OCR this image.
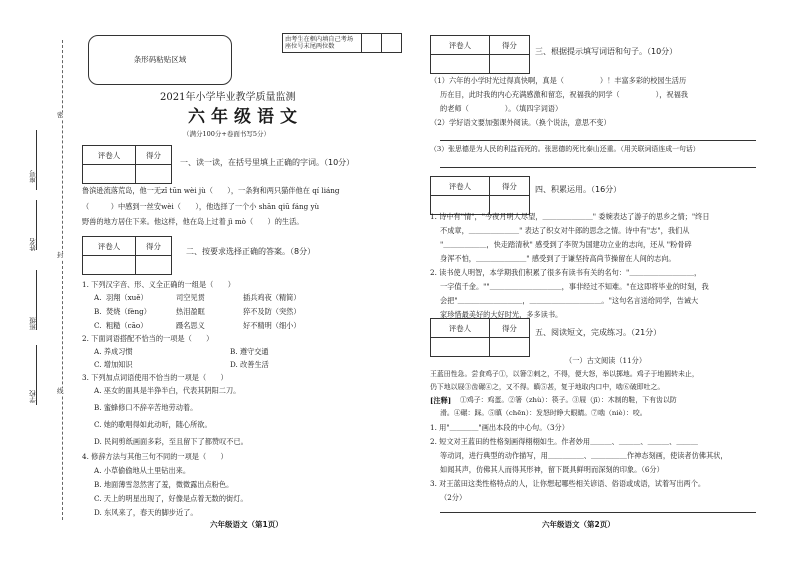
座号
姓名
班级
学校
密
封
线
条形码粘贴区域
2021年小学毕业教学质量监测
六年级语文
（满分100分+卷面书写5分）
评卷人	得分

一、读一读，在括号里填上正确的字词。（10分）
鲁滨逊流落荒岛，他一无zǐ tūn wèi jù（　　），一条狗和两只猫伴他在 qí liáng
（　　　）中感到一丝安wèi（　　），他选择了一个小 shān qiū fáng yù
野兽的地方居住下来。他这样，他在岛上过着 jì mò（　　）的生活。
评卷人	得分

二、按要求选择正确的答案。（8分）
1. 下列汉字音、形、义全正确的一组是（　　）
A. 羽翔（xuě）	司空见贯	插兵鸡夜（精简）
B. 焚烧（fèng）	热泪盈眶	猝不及防（突然）
C. 粗糙（cāo）	蹑名思义	好不精明（细小）
2. 下面词语搭配不恰当的一项是（　　）
A. 养成习惯	B. 遵守交通
C. 增加知识	D. 改善生活
3. 下列加点词语使用不恰当的一项是（　　）
A. 巫女的面具是半狰半白，代表其阴阳二刀。
B. 蜜蜂修口不辞辛苦地劳动着。
C. 她的歌唱得如此动听，随心所欲。
D. 民间剪纸画面多彩，至且留下了都赞叹不已。
4. 修辞方法与其他三句不同的一项是（　　）
A. 小草偷偷地从土里钻出来。
B. 地面薄雪忽然害了羞，微微露出点粉色。
C. 天上的明星出现了，好像是点着无数的街灯。
D. 东风来了，春天的脚步近了。
六年级语文（第1页）
由考生在框内填自己考场座位号末尾两位数			评卷人	得分

三、根据提示填写词语和句子。（10分）
（1）六年的小学时光过得真快啊，真是（　　　　　）！丰富多彩的校园生活历
历在目，此时我的内心充满感激和留恋，祝福我的同学（　　　　　），祝福我
的老师（　　　　　）。（填四字词语）
（2）学好语文要加强课外阅读。（换个说法，意思不变）
（3）张思德是为人民的利益而死的。张思德的死比泰山还重。（用关联词语连成一句话）
评卷人	得分
	四、积累运用。（16分）
1. 诗中有"情"，"今夜月明人尽望，＿＿＿＿＿＿＿" 委婉表达了游子的思乡之情；"终日
不成章，＿＿＿＿＿＿＿" 表达了织女对牛郎的思念之情。诗中有"志"，我们从
"＿＿＿＿＿＿，快走踏清秋" 感受到了李贺为国建功立业的志向，还从 "粉骨碎
身浑不怕，＿＿＿＿＿＿＿" 感受到了于谦坚持高尚节操留在人间的志向。
2. 读书使人明智，本学期我们积累了很多有读书有关的名句："＿＿＿＿＿＿＿＿＿，
一字值千金。""＿＿＿＿＿＿＿＿＿＿，事非经过不知难。"在这即将毕业的时刻，我
会把"＿＿＿＿＿＿＿＿＿，＿＿＿＿＿＿＿＿＿＿。"这句名言送给同学，告诫大
家珍惜最美好的大好时光，多多读书。
评卷人	得分
	五、阅读短文，完成练习。（21分）
（一）古文阅读（11分）
王蓝田性急。尝食鸡子①，以箸②刺之，不得，便大怒，举以掷地。鸡子于地圆转未止，
仍下地以屐③齿碾④之，又不得。瞋⑤甚，复于地取内口中，啮⑥破即吐之。
[注释] ①鸡子：鸡蛋。②箸（zhù）：筷子。③屐（jī）：木制的鞋，下有齿以防
滑。④碾：踩。⑤瞋（chēn）：发怒时睁大眼睛。⑦啮（niè）：咬。
1. 用"＿＿＿＿"画出本段的中心句。（3分）
2. 短文对王蓝田的性格刻画得栩栩如生。作者妙用＿＿＿、＿＿＿、＿＿＿、＿＿＿
等动词，进行典型的动作描写，用＿＿＿＿＿、＿＿＿＿＿作神态刻画，使读者仿佛其状，
如闻其声，仿佛其人而得其形神，留下既具鲜明而深刻的印象。（6分）
3. 对王蓝田这类性格特点的人，让你想起哪些相关谚语、俗语或成语，试着写出两个。
（2分）
六年级语文（第2页）
